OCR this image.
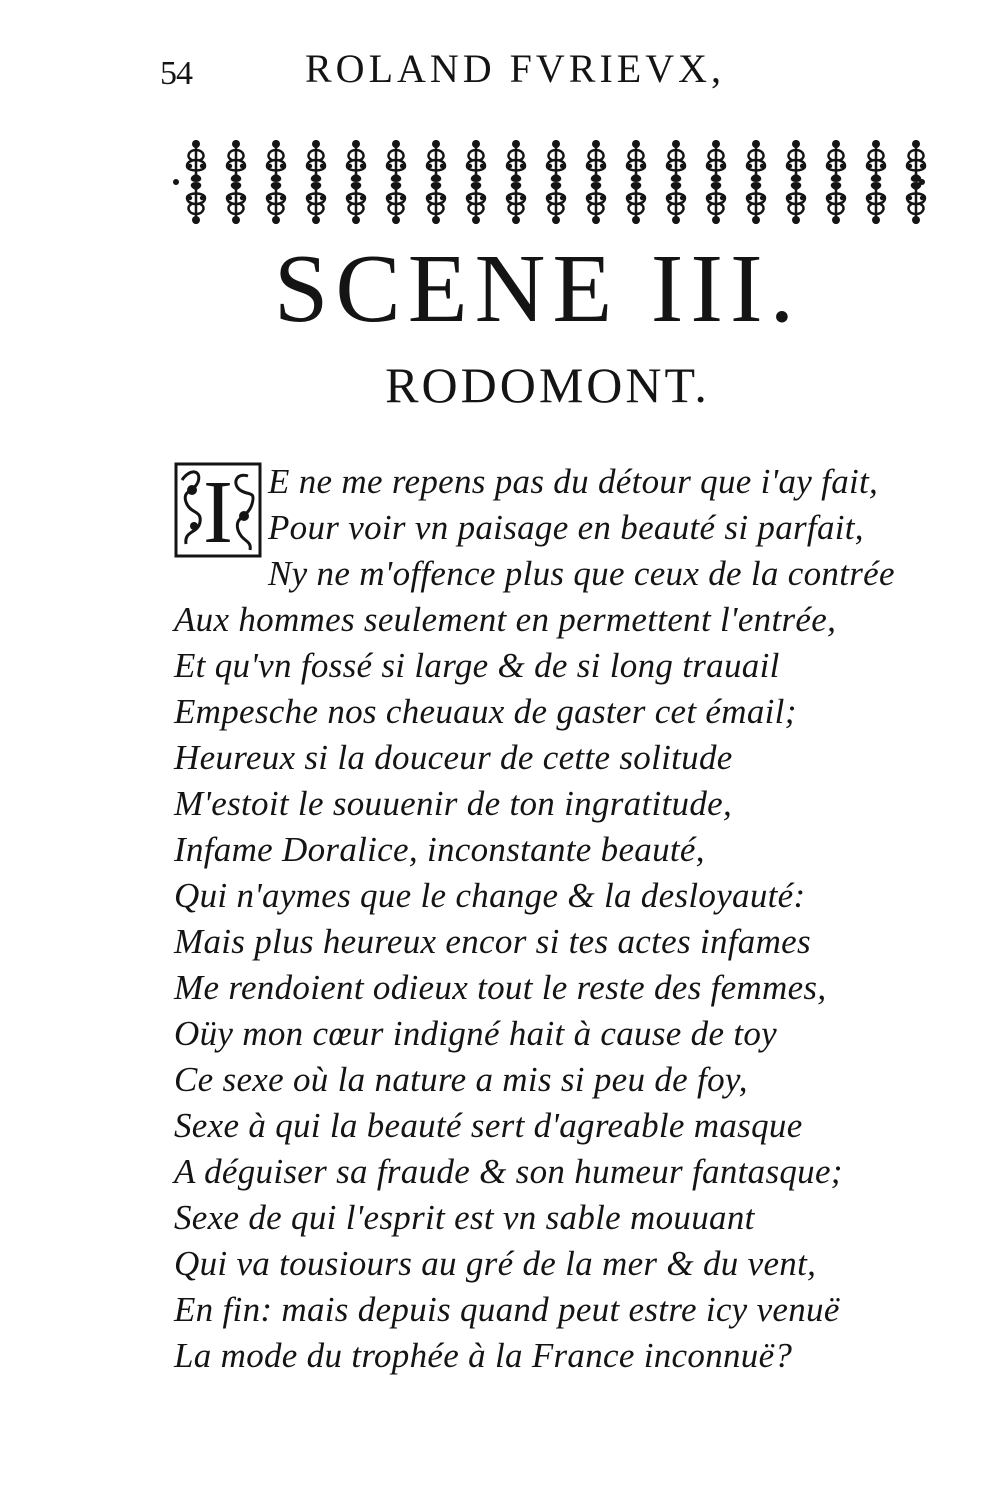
54	ROLAND FVRIEVX,
SCENE III.
RODOMONT.
I E ne me repens pas du détour que i'ay fait,
Pour voir vn paisage en beauté si parfait,
Ny ne m'offence plus que ceux de la contrée
Aux hommes seulement en permettent l'entrée,
Et qu'vn fossé si large & de si long trauail
Empesche nos cheuaux de gaster cet émail;
Heureux si la douceur de cette solitude
M'estoit le souuenir de ton ingratitude,
Infame Doralice, inconstante beauté,
Qui n'aymes que le change & la desloyauté:
Mais plus heureux encor si tes actes infames
Me rendoient odieux tout le reste des femmes,
Oüy mon cœur indigné hait à cause de toy
Ce sexe où la nature a mis si peu de foy,
Sexe à qui la beauté sert d'agreable masque
A déguiser sa fraude & son humeur fantasque;
Sexe de qui l'esprit est vn sable mouuant
Qui va tousiours au gré de la mer & du vent,
En fin: mais depuis quand peut estre icy venuë
La mode du trophée à la France inconnuë?
